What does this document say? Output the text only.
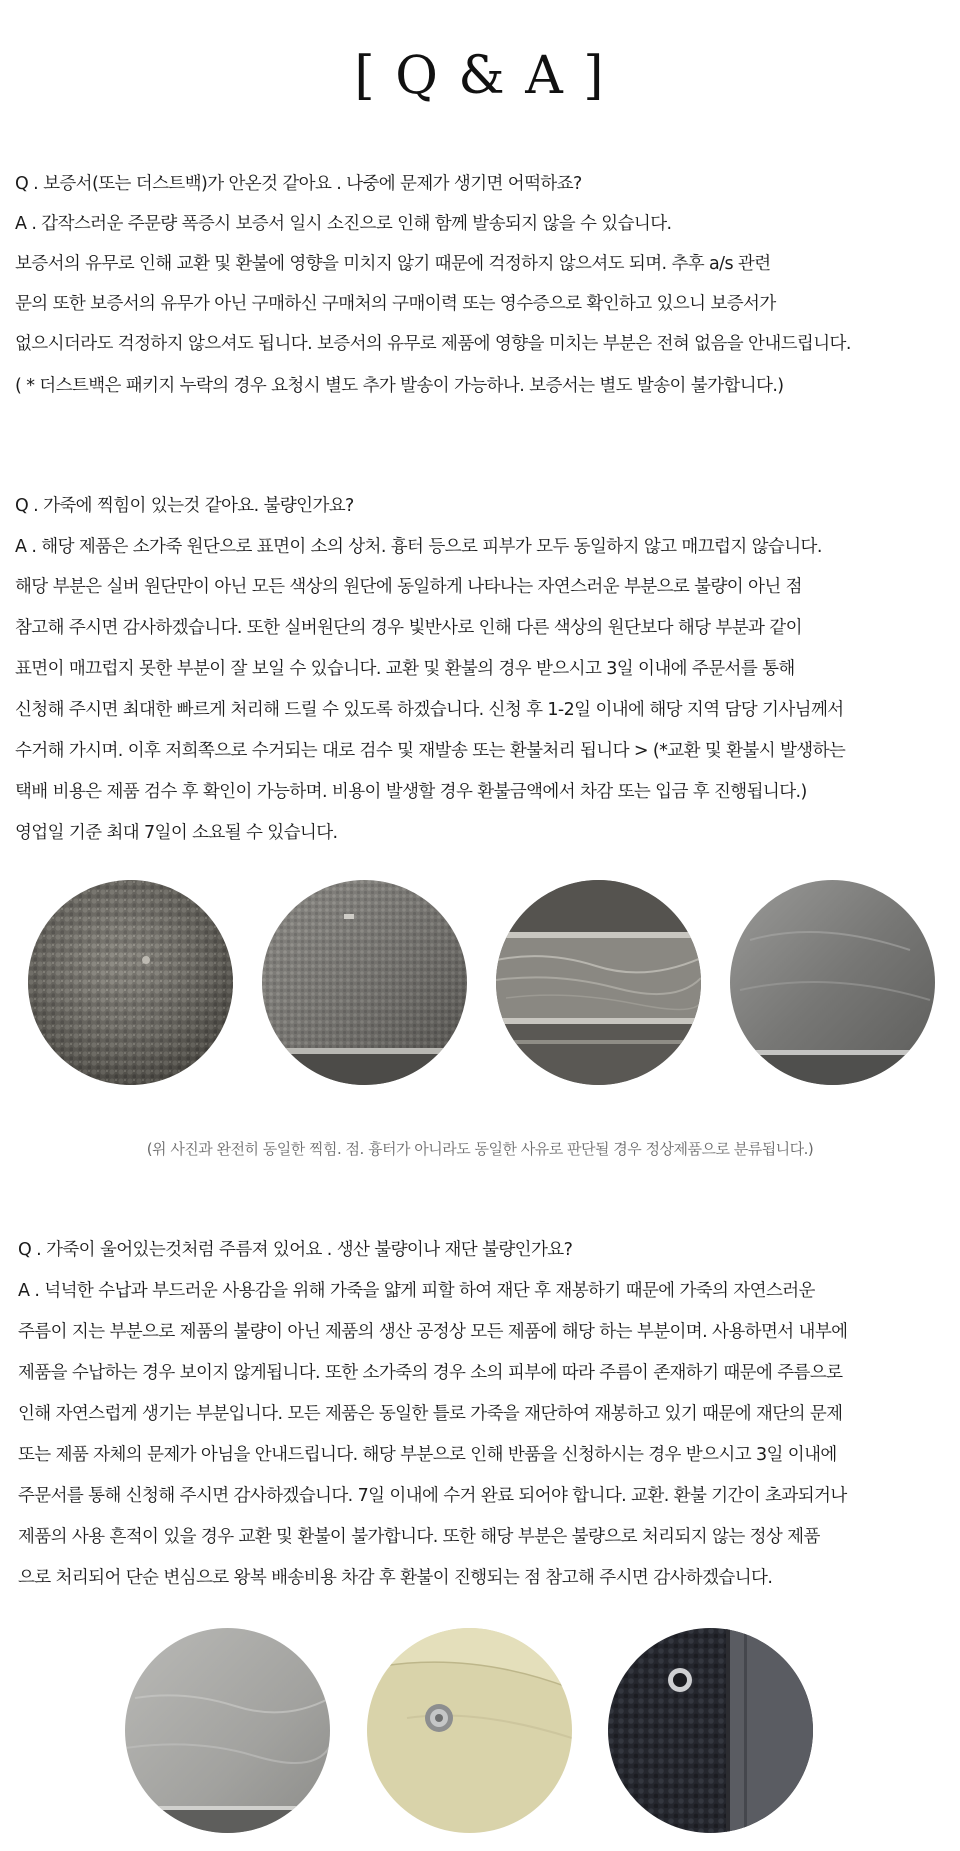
[ Q & A ]
Q . 보증서(또는 더스트백)가 안온것 같아요 . 나중에 문제가 생기면 어떡하죠?
A . 갑작스러운 주문량 폭증시 보증서 일시 소진으로 인해 함께 발송되지 않을 수 있습니다.
보증서의 유무로 인해 교환 및 환불에 영향을 미치지 않기 때문에 걱정하지 않으셔도 되며. 추후 a/s 관련
문의 또한 보증서의 유무가 아닌 구매하신 구매처의 구매이력 또는 영수증으로 확인하고 있으니 보증서가
없으시더라도 걱정하지 않으셔도 됩니다. 보증서의 유무로 제품에 영향을 미치는 부분은 전혀 없음을 안내드립니다.
( * 더스트백은 패키지 누락의 경우 요청시 별도 추가 발송이 가능하나. 보증서는 별도 발송이 불가합니다.)
Q . 가죽에 찍힘이 있는것 같아요. 불량인가요?
A . 해당 제품은 소가죽 원단으로 표면이 소의 상처. 흉터 등으로 피부가 모두 동일하지 않고 매끄럽지 않습니다.
해당 부분은 실버 원단만이 아닌 모든 색상의 원단에 동일하게 나타나는 자연스러운 부분으로 불량이 아닌 점
참고해 주시면 감사하겠습니다. 또한 실버원단의 경우 빛반사로 인해 다른 색상의 원단보다 해당 부분과 같이
표면이 매끄럽지 못한 부분이 잘 보일 수 있습니다. 교환 및 환불의 경우 받으시고 3일 이내에 주문서를 통해
신청해 주시면 최대한 빠르게 처리해 드릴 수 있도록 하겠습니다. 신청 후 1-2일 이내에 해당 지역 담당 기사님께서
수거해 가시며. 이후 저희쪽으로 수거되는 대로 검수 및 재발송 또는 환불처리 됩니다 > (*교환 및 환불시 발생하는
택배 비용은 제품 검수 후 확인이 가능하며. 비용이 발생할 경우 환불금액에서 차감 또는 입금 후 진행됩니다.)
영업일 기준 최대 7일이 소요될 수 있습니다.
(위 사진과 완전히 동일한 찍힘. 점. 흉터가 아니라도 동일한 사유로 판단될 경우 정상제품으로 분류됩니다.)
Q . 가죽이 울어있는것처럼 주름져 있어요 . 생산 불량이나 재단 불량인가요?
A . 넉넉한 수납과 부드러운 사용감을 위해 가죽을 얇게 피할 하여 재단 후 재봉하기 때문에 가죽의 자연스러운
주름이 지는 부분으로 제품의 불량이 아닌 제품의 생산 공정상 모든 제품에 해당 하는 부분이며. 사용하면서 내부에
제품을 수납하는 경우 보이지 않게됩니다. 또한 소가죽의 경우 소의 피부에 따라 주름이 존재하기 때문에 주름으로
인해 자연스럽게 생기는 부분입니다. 모든 제품은 동일한 틀로 가죽을 재단하여 재봉하고 있기 때문에 재단의 문제
또는 제품 자체의 문제가 아님을 안내드립니다. 해당 부분으로 인해 반품을 신청하시는 경우 받으시고 3일 이내에
주문서를 통해 신청해 주시면 감사하겠습니다. 7일 이내에 수거 완료 되어야 합니다. 교환. 환불 기간이 초과되거나
제품의 사용 흔적이 있을 경우 교환 및 환불이 불가합니다. 또한 해당 부분은 불량으로 처리되지 않는 정상 제품
으로 처리되어 단순 변심으로 왕복 배송비용 차감 후 환불이 진행되는 점 참고해 주시면 감사하겠습니다.
